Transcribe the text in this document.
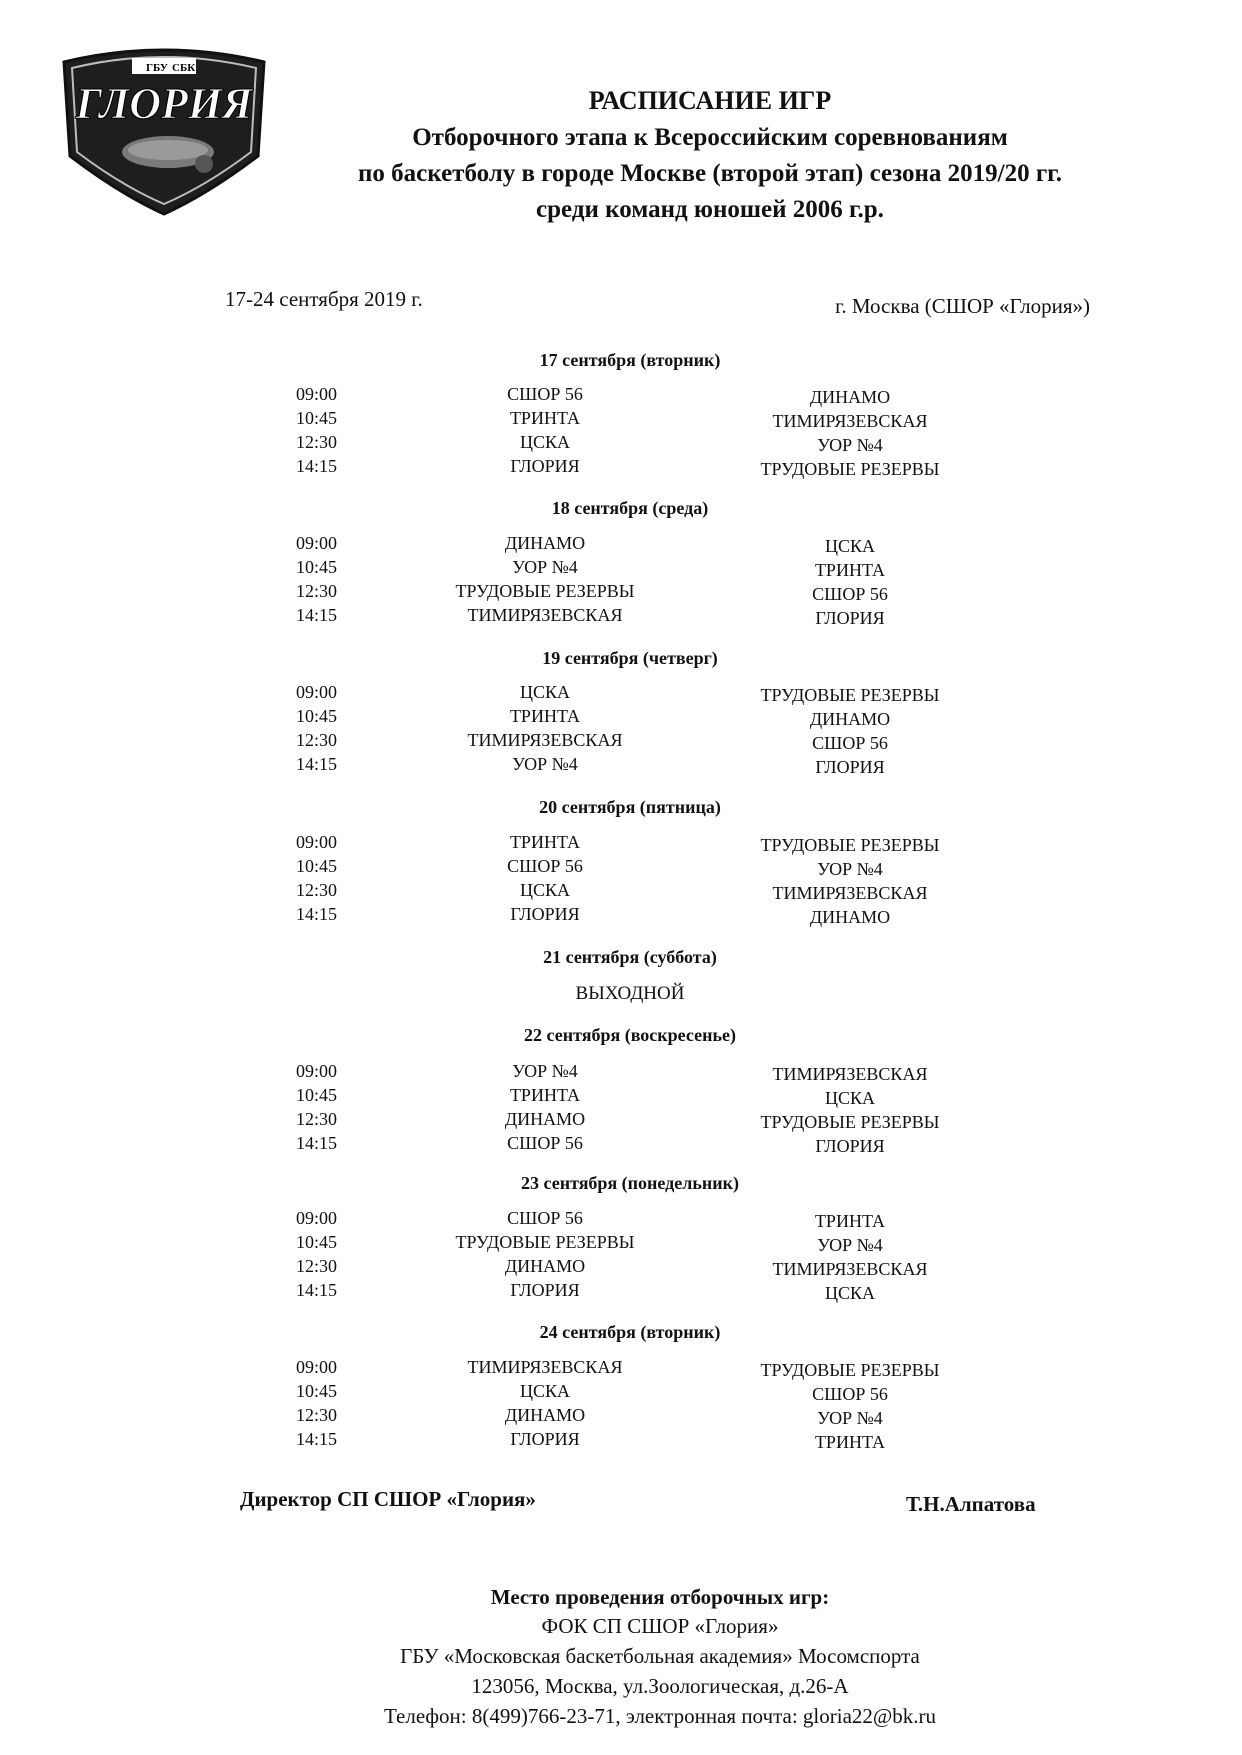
ГБУ СБК
ГЛОРИЯ	РАСПИСАНИЕ ИГР
Отборочного этапа к Всероссийским соревнованиям
по баскетболу в городе Москве (второй этап) сезона 2019/20 гг.
среди команд юношей 2006 г.р.
17-24 сентября 2019 г.	г. Москва (СШОР «Глория»)
17 сентября (вторник)
09:00	СШОР 56	ДИНАМО
10:45	ТРИНТА	ТИМИРЯЗЕВСКАЯ
12:30	ЦСКА	УОР №4
14:15	ГЛОРИЯ	ТРУДОВЫЕ РЕЗЕРВЫ
18 сентября (среда)
09:00	ДИНАМО	ЦСКА
10:45	УОР №4	ТРИНТА
12:30	ТРУДОВЫЕ РЕЗЕРВЫ	СШОР 56
14:15	ТИМИРЯЗЕВСКАЯ	ГЛОРИЯ
19 сентября (четверг)
09:00	ЦСКА	ТРУДОВЫЕ РЕЗЕРВЫ
10:45	ТРИНТА	ДИНАМО
12:30	ТИМИРЯЗЕВСКАЯ	СШОР 56
14:15	УОР №4	ГЛОРИЯ
20 сентября (пятница)
09:00	ТРИНТА	ТРУДОВЫЕ РЕЗЕРВЫ
10:45	СШОР 56	УОР №4
12:30	ЦСКА	ТИМИРЯЗЕВСКАЯ
14:15	ГЛОРИЯ	ДИНАМО
21 сентября (суббота)
ВЫХОДНОЙ
22 сентября (воскресенье)
09:00	УОР №4	ТИМИРЯЗЕВСКАЯ
10:45	ТРИНТА	ЦСКА
12:30	ДИНАМО	ТРУДОВЫЕ РЕЗЕРВЫ
14:15	СШОР 56	ГЛОРИЯ
23 сентября (понедельник)
09:00	СШОР 56	ТРИНТА
10:45	ТРУДОВЫЕ РЕЗЕРВЫ	УОР №4
12:30	ДИНАМО	ТИМИРЯЗЕВСКАЯ
14:15	ГЛОРИЯ	ЦСКА
24 сентября (вторник)
09:00	ТИМИРЯЗЕВСКАЯ	ТРУДОВЫЕ РЕЗЕРВЫ
10:45	ЦСКА	СШОР 56
12:30	ДИНАМО	УОР №4
14:15	ГЛОРИЯ	ТРИНТА
Директор СП СШОР «Глория»	Т.Н.Алпатова
Место проведения отборочных игр:
ФОК СП СШОР «Глория»
ГБУ «Московская баскетбольная академия» Мосомспорта
123056, Москва, ул.Зоологическая, д.26-А
Телефон: 8(499)766-23-71, электронная почта: gloria22@bk.ru
